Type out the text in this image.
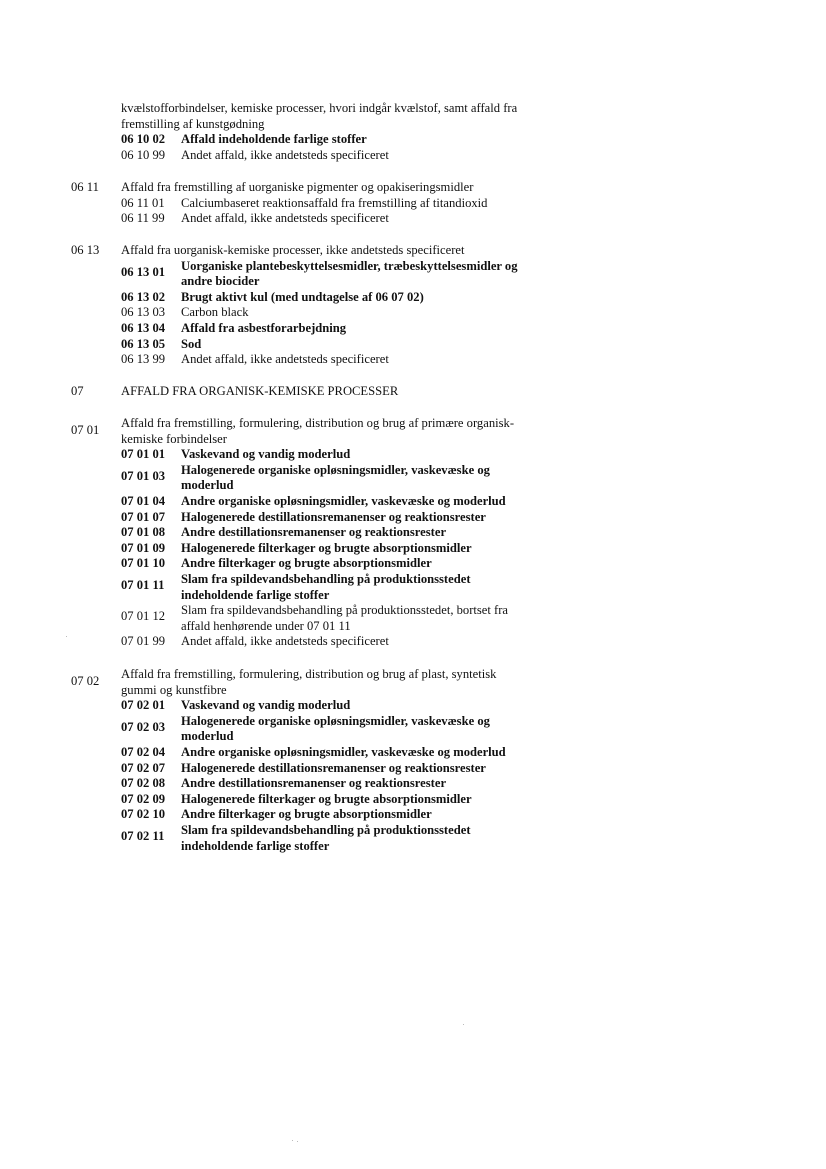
kvælstofforbindelser, kemiske processer, hvori indgår kvælstof, samt affald fra
fremstilling af kunstgødning
06 10 02 Affald indeholdende farlige stoffer
06 10 99 Andet affald, ikke andetsteds specificeret
06 11 Affald fra fremstilling af uorganiske pigmenter og opakiseringsmidler
06 11 01 Calciumbaseret reaktionsaffald fra fremstilling af titandioxid
06 11 99 Andet affald, ikke andetsteds specificeret
06 13 Affald fra uorganisk-kemiske processer, ikke andetsteds specificeret
06 13 01 Uorganiske plantebeskyttelsesmidler, træbeskyttelsesmidler og
andre biocider
06 13 02 Brugt aktivt kul (med undtagelse af 06 07 02)
06 13 03 Carbon black
06 13 04 Affald fra asbestforarbejdning
06 13 05 Sod
06 13 99 Andet affald, ikke andetsteds specificeret
07	AFFALD FRA ORGANISK-KEMISKE PROCESSER
07 01 Affald fra fremstilling, formulering, distribution og brug af primære organisk-
kemiske forbindelser
07 01 01 Vaskevand og vandig moderlud
07 01 03 Halogenerede organiske opløsningsmidler, vaskevæske og
moderlud
07 01 04 Andre organiske opløsningsmidler, vaskevæske og moderlud
07 01 07 Halogenerede destillationsremanenser og reaktionsrester
07 01 08 Andre destillationsremanenser og reaktionsrester
07 01 09 Halogenerede filterkager og brugte absorptionsmidler
07 01 10 Andre filterkager og brugte absorptionsmidler
07 01 11 Slam fra spildevandsbehandling på produktionsstedet
indeholdende farlige stoffer
07 01 12 Slam fra spildevandsbehandling på produktionsstedet, bortset fra
affald henhørende under 07 01 11
07 01 99 Andet affald, ikke andetsteds specificeret
07 02 Affald fra fremstilling, formulering, distribution og brug af plast, syntetisk
gummi og kunstfibre
07 02 01 Vaskevand og vandig moderlud
07 02 03 Halogenerede organiske opløsningsmidler, vaskevæske og
moderlud
07 02 04 Andre organiske opløsningsmidler, vaskevæske og moderlud
07 02 07 Halogenerede destillationsremanenser og reaktionsrester
07 02 08 Andre destillationsremanenser og reaktionsrester
07 02 09 Halogenerede filterkager og brugte absorptionsmidler
07 02 10 Andre filterkager og brugte absorptionsmidler
07 02 11 Slam fra spildevandsbehandling på produktionsstedet
indeholdende farlige stoffer
